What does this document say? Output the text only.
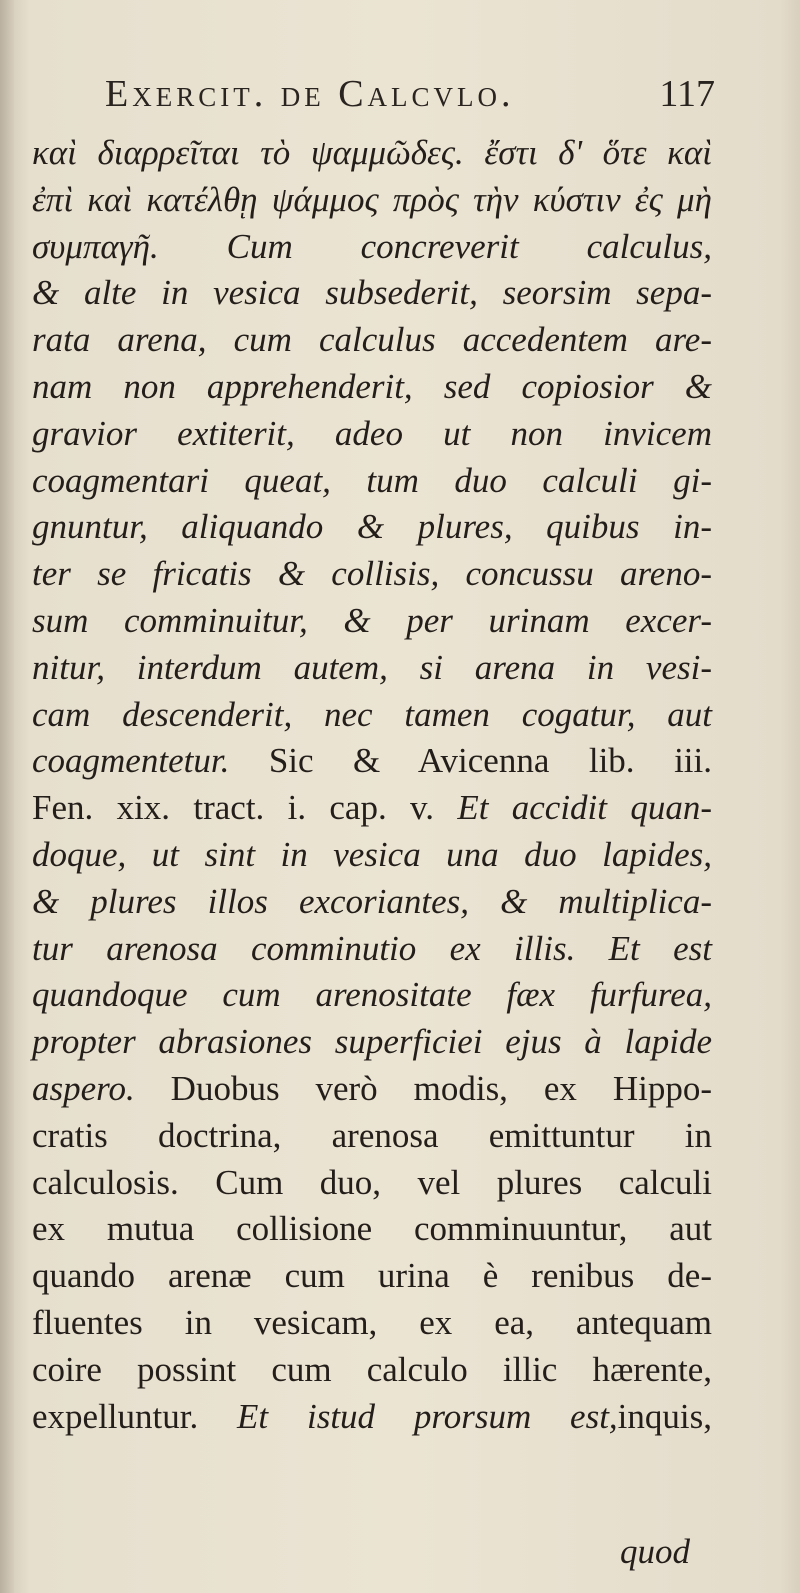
Exercit. de Calcvlo.	117
καὶ διαρρεῖται τὸ ψαμμῶδες. ἔστι δ' ὅτε καὶ
ἐπὶ καὶ κατέλθῃ ψάμμος πρὸς τὴν κύστιν ἐς μὴ
συμπαγῆ. Cum concreverit calculus,
& alte in vesica subsederit, seorsim sepa-
rata arena, cum calculus accedentem are-
nam non apprehenderit, sed copiosior &
gravior extiterit, adeo ut non invicem
coagmentari queat, tum duo calculi gi-
gnuntur, aliquando & plures, quibus in-
ter se fricatis & collisis, concussu areno-
sum comminuitur, & per urinam excer-
nitur, interdum autem, si arena in vesi-
cam descenderit, nec tamen cogatur, aut
coagmentetur. Sic & Avicenna lib. iii.
Fen. xix. tract. i. cap. v. Et accidit quan-
doque, ut sint in vesica una duo lapides,
& plures illos excoriantes, & multiplica-
tur arenosa comminutio ex illis. Et est
quandoque cum arenositate fæx furfurea,
propter abrasiones superficiei ejus à lapide
aspero. Duobus verò modis, ex Hippo-
cratis doctrina, arenosa emittuntur in
calculosis. Cum duo, vel plures calculi
ex mutua collisione comminuuntur, aut
quando arenæ cum urina è renibus de-
fluentes in vesicam, ex ea, antequam
coire possint cum calculo illic hærente,
expelluntur. Et istud prorsum est,inquis,
quod
